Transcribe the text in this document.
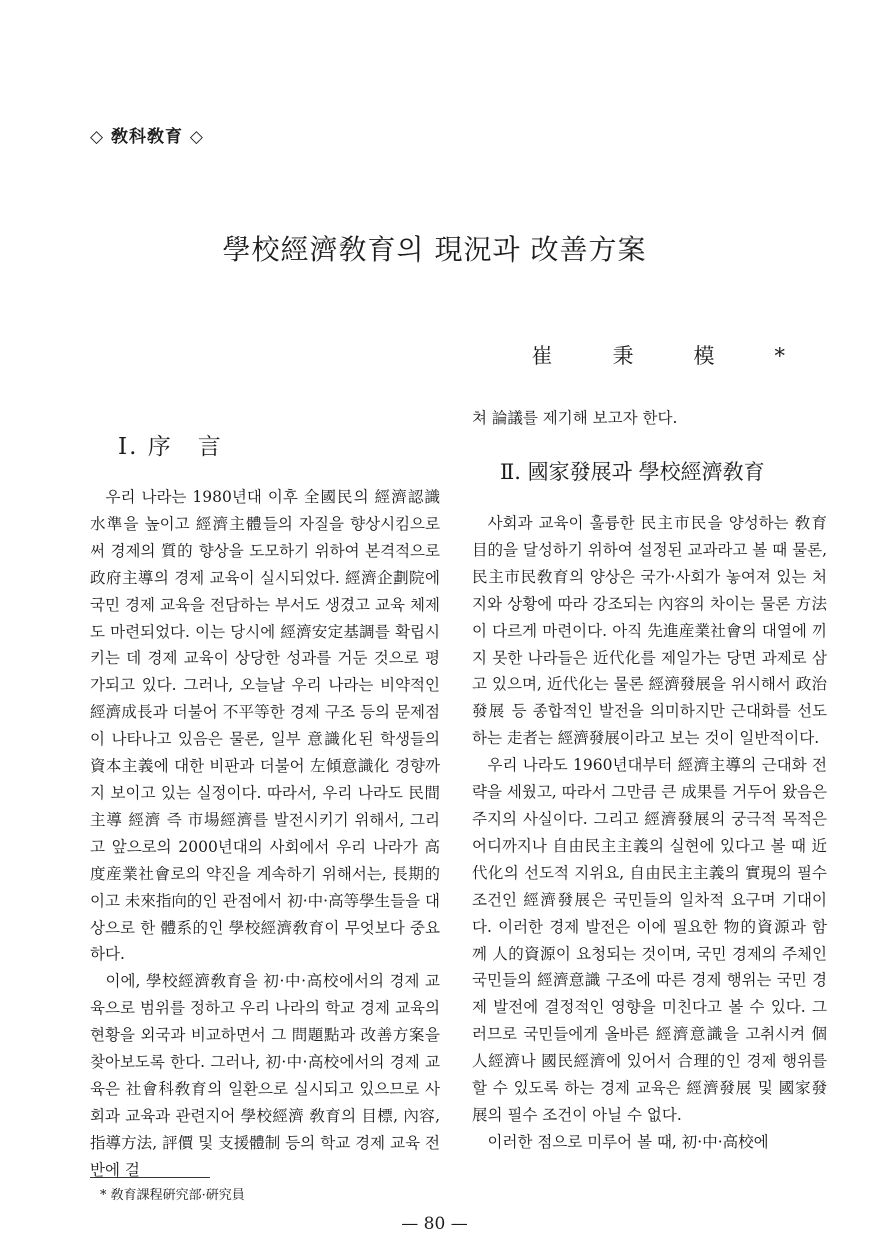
◇ 敎科敎育 ◇
學校經濟敎育의 現況과 改善方案
崔秉模*
Ⅰ. 序　言

우리 나라는 1980년대 이후 全國民의 經濟認識水準을 높이고 經濟主體들의 자질을 향상시킴으로써 경제의 質的 향상을 도모하기 위하여 본격적으로 政府主導의 경제 교육이 실시되었다. 經濟企劃院에 국민 경제 교육을 전담하는 부서도 생겼고 교육 체제도 마련되었다. 이는 당시에 經濟安定基調를 확립시키는 데 경제 교육이 상당한 성과를 거둔 것으로 평가되고 있다. 그러나, 오늘날 우리 나라는 비약적인 經濟成長과 더불어 不平等한 경제 구조 등의 문제점이 나타나고 있음은 물론, 일부 意識化된 학생들의 資本主義에 대한 비판과 더불어 左傾意識化 경향까지 보이고 있는 실정이다. 따라서, 우리 나라도 民間主導 經濟 즉 市場經濟를 발전시키기 위해서, 그리고 앞으로의 2000년대의 사회에서 우리 나라가 高度産業社會로의 약진을 계속하기 위해서는, 長期的이고 未來指向的인 관점에서 初·中·高等學生들을 대상으로 한 體系的인 學校經濟敎育이 무엇보다 중요하다.

이에, 學校經濟敎育을 初·中·高校에서의 경제 교육으로 범위를 정하고 우리 나라의 학교 경제 교육의 현황을 외국과 비교하면서 그 問題點과 改善方案을 찾아보도록 한다. 그러나, 初·中·高校에서의 경제 교육은 社會科敎育의 일환으로 실시되고 있으므로 사회과 교육과 관련지어 學校經濟 敎育의 目標, 內容, 指導方法, 評價 및 支援體制 등의 학교 경제 교육 전반에 걸

쳐 論議를 제기해 보고자 한다.

Ⅱ. 國家發展과 學校經濟敎育

사회과 교육이 훌륭한 民主市民을 양성하는 敎育目的을 달성하기 위하여 설정된 교과라고 볼 때 물론, 民主市民敎育의 양상은 국가·사회가 놓여져 있는 처지와 상황에 따라 강조되는 內容의 차이는 물론 方法이 다르게 마련이다. 아직 先進産業社會의 대열에 끼지 못한 나라들은 近代化를 제일가는 당면 과제로 삼고 있으며, 近代化는 물론 經濟發展을 위시해서 政治發展 등 종합적인 발전을 의미하지만 근대화를 선도하는 走者는 經濟發展이라고 보는 것이 일반적이다.

우리 나라도 1960년대부터 經濟主導의 근대화 전략을 세웠고, 따라서 그만큼 큰 成果를 거두어 왔음은 주지의 사실이다. 그리고 經濟發展의 궁극적 목적은 어디까지나 自由民主主義의 실현에 있다고 볼 때 近代化의 선도적 지위요, 自由民主主義의 實現의 필수 조건인 經濟發展은 국민들의 일차적 요구며 기대이다. 이러한 경제 발전은 이에 필요한 物的資源과 함께 人的資源이 요청되는 것이며, 국민 경제의 주체인 국민들의 經濟意識 구조에 따른 경제 행위는 국민 경제 발전에 결정적인 영향을 미친다고 볼 수 있다. 그러므로 국민들에게 올바른 經濟意識을 고취시켜 個人經濟나 國民經濟에 있어서 合理的인 경제 행위를 할 수 있도록 하는 경제 교육은 經濟發展 및 國家發展의 필수 조건이 아닐 수 없다.

이러한 점으로 미루어 볼 때, 初·中·高校에

* 敎育課程硏究部·硏究員
— 80 —
